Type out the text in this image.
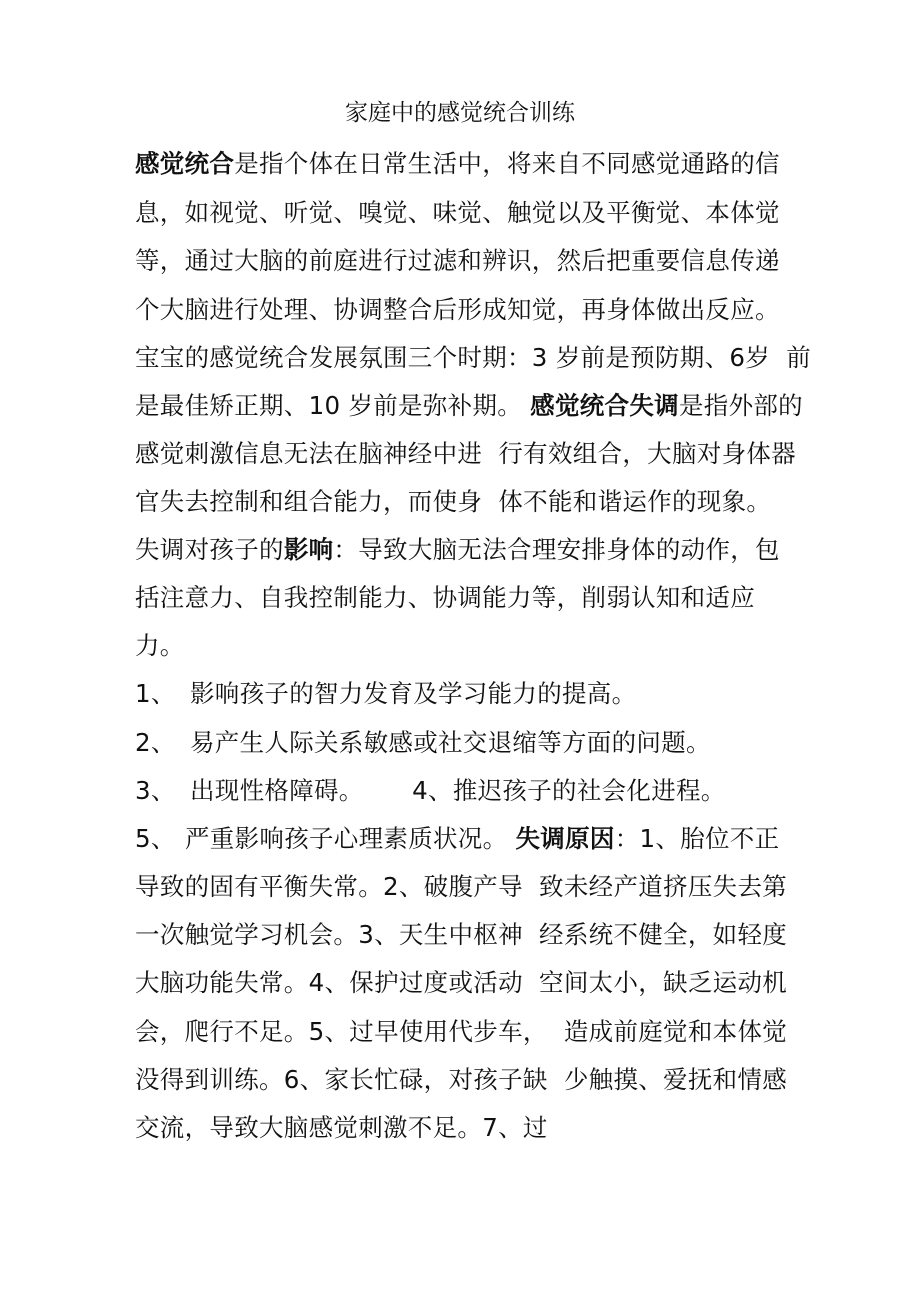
家庭中的感觉统合训练
感觉统合是指个体在日常生活中，将来自不同感觉通路的信
息，如视觉、听觉、嗅觉、味觉、触觉以及平衡觉、本体觉
等，通过大脑的前庭进行过滤和辨识，然后把重要信息传递
个大脑进行处理、协调整合后形成知觉，再身体做出反应。
宝宝的感觉统合发展氛围三个时期：3 岁前是预防期、6岁  前
是最佳矫正期、10 岁前是弥补期。 感觉统合失调是指外部的
感觉刺激信息无法在脑神经中进  行有效组合，大脑对身体器
官失去控制和组合能力，而使身  体不能和谐运作的现象。
失调对孩子的影响：导致大脑无法合理安排身体的动作，包
括注意力、自我控制能力、协调能力等，削弱认知和适应
力。
1、 影响孩子的智力发育及学习能力的提高。
2、 易产生人际关系敏感或社交退缩等方面的问题。
3、 出现性格障碍。      4、推迟孩子的社会化进程。
5、 严重影响孩子心理素质状况。 失调原因：1、胎位不正
导致的固有平衡失常。2、破腹产导  致未经产道挤压失去第
一次触觉学习机会。3、天生中枢神  经系统不健全，如轻度
大脑功能失常。4、保护过度或活动  空间太小，缺乏运动机
会，爬行不足。5、过早使用代步车，  造成前庭觉和本体觉
没得到训练。6、家长忙碌，对孩子缺  少触摸、爱抚和情感
交流，导致大脑感觉刺激不足。7、过
